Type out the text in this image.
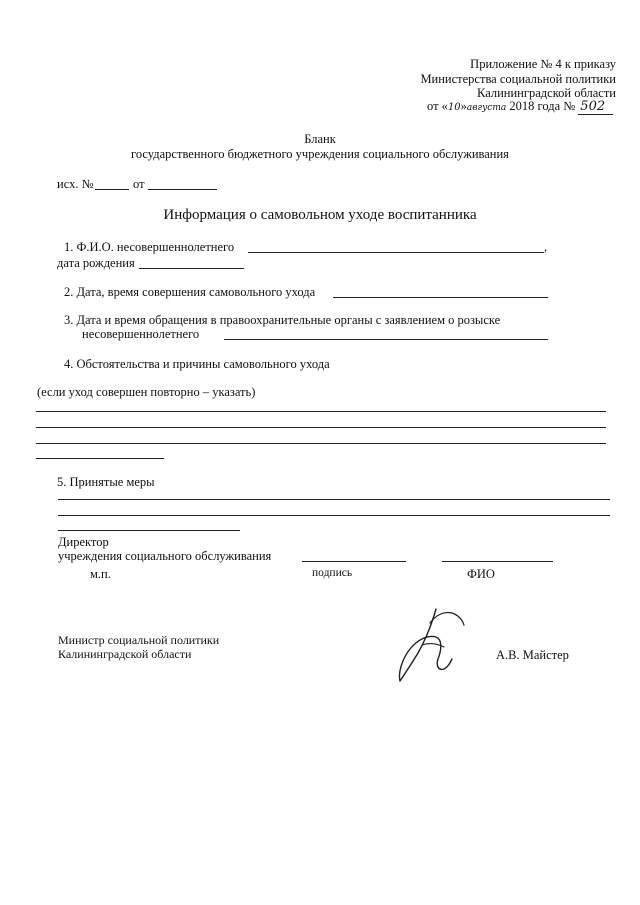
Приложение № 4 к приказу
Министерства социальной политики
Калининградской области
от «10»августа 2018 года № 502
Бланк
государственного бюджетного учреждения социального обслуживания
исх. №	от
Информация о самовольном уходе воспитанника
1. Ф.И.О. несовершеннолетнего	,
дата рождения
2. Дата, время совершения самовольного ухода
3. Дата и время обращения в правоохранительные органы с заявлением о розыске
несовершеннолетнего
4. Обстоятельства и причины самовольного ухода
(если уход совершен повторно – указать)
5. Принятые меры
Директор
учреждения социального обслуживания
м.п.	подпись	ФИО
Министр социальной политики
Калининградской области	А.В. Майстер
